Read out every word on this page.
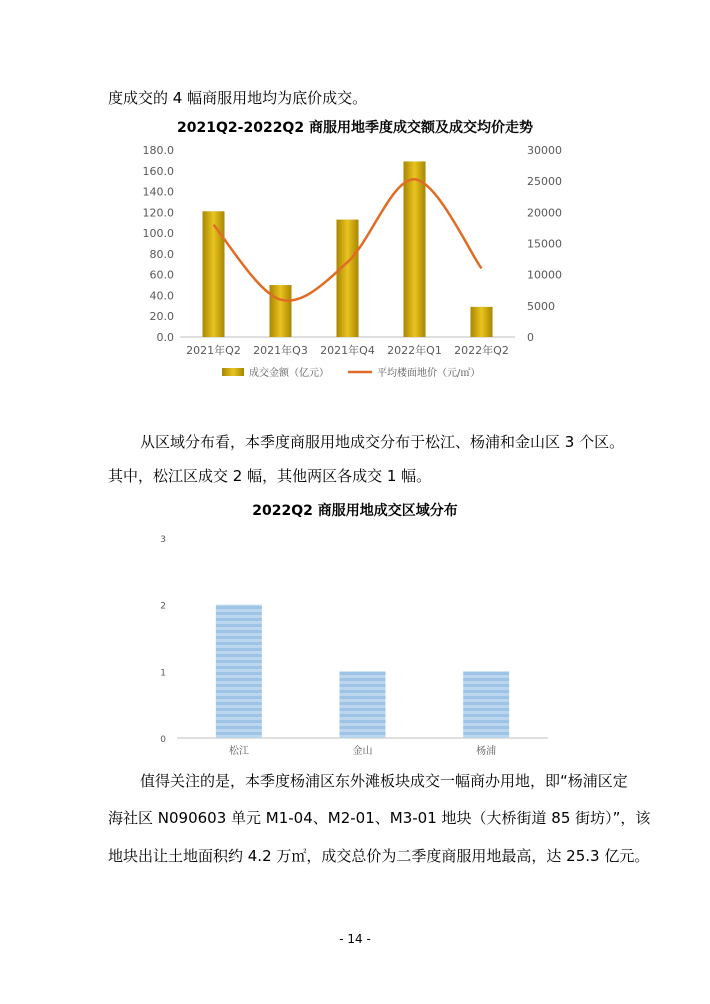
度成交的 4 幅商服用地均为底价成交。

2021Q2-2022Q2 商服用地季度成交额及成交均价走势

0.0
20.0
40.0
60.0
80.0
100.0
120.0
140.0
160.0
180.0
0
5000
10000
15000
20000
25000
30000
2021年Q2 2021年Q3 2021年Q4 2022年Q1 2022年Q2
成交金额（亿元）	平均楼面地价（元/㎡）

从区域分布看，本季度商服用地成交分布于松江、杨浦和金山区 3 个区。

其中，松江区成交 2 幅，其他两区各成交 1 幅。

2022Q2 商服用地成交区域分布

0
1
2
3
松江	金山	杨浦

值得关注的是，本季度杨浦区东外滩板块成交一幅商办用地，即“杨浦区定

海社区 N090603 单元 M1-04、M2-01、M3-01 地块（大桥街道 85 街坊）”，该

地块出让土地面积约 4.2 万㎡，成交总价为二季度商服用地最高，达 25.3 亿元。

- 14 -
